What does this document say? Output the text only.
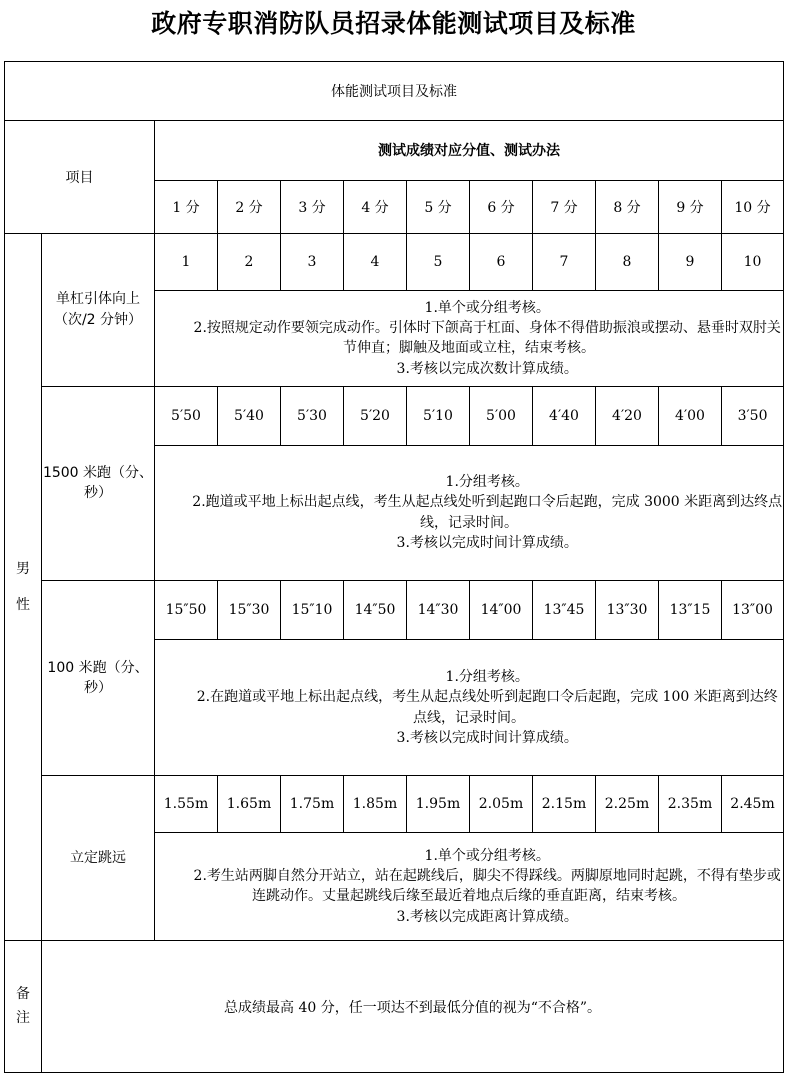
政府专职消防队员招录体能测试项目及标准
体能测试项目及标准											
项目		测试成绩对应分值、测试办法									
		1 分	2 分	3 分	4 分	5 分	6 分	7 分	8 分	9 分	10 分

男
性	单杠引体向上（次/2 分钟）	1	2	3	4	5	6	7	8	9	10

		1.单个或分组考核。
2.按照规定动作要领完成动作。引体时下颌高于杠面、身体不得借助振浪或摆动、悬垂时双肘关节伸直；脚触及地面或立柱，结束考核。
3.考核以完成次数计算成绩。									

	1500 米跑（分、秒）	5′50	5′40	5′30	5′20	5′10	5′00	4′40	4′20	4′00	3′50

		1.分组考核。
2.跑道或平地上标出起点线，考生从起点线处听到起跑口令后起跑，完成 3000 米距离到达终点线，记录时间。
3.考核以完成时间计算成绩。									

	100 米跑（分、秒）	15″50	15″30	15″10	14″50	14″30	14″00	13″45	13″30	13″15	13″00

		1.分组考核。
2.在跑道或平地上标出起点线，考生从起点线处听到起跑口令后起跑，完成 100 米距离到达终点线，记录时间。
3.考核以完成时间计算成绩。									

	立定跳远	1.55m	1.65m	1.75m	1.85m	1.95m	2.05m	2.15m	2.25m	2.35m	2.45m

		1.单个或分组考核。
2.考生站两脚自然分开站立，站在起跳线后，脚尖不得踩线。两脚原地同时起跳，不得有垫步或连跳动作。丈量起跳线后缘至最近着地点后缘的垂直距离，结束考核。
3.考核以完成距离计算成绩。									

备
注	总成绩最高 40 分，任一项达不到最低分值的视为“不合格”。										
